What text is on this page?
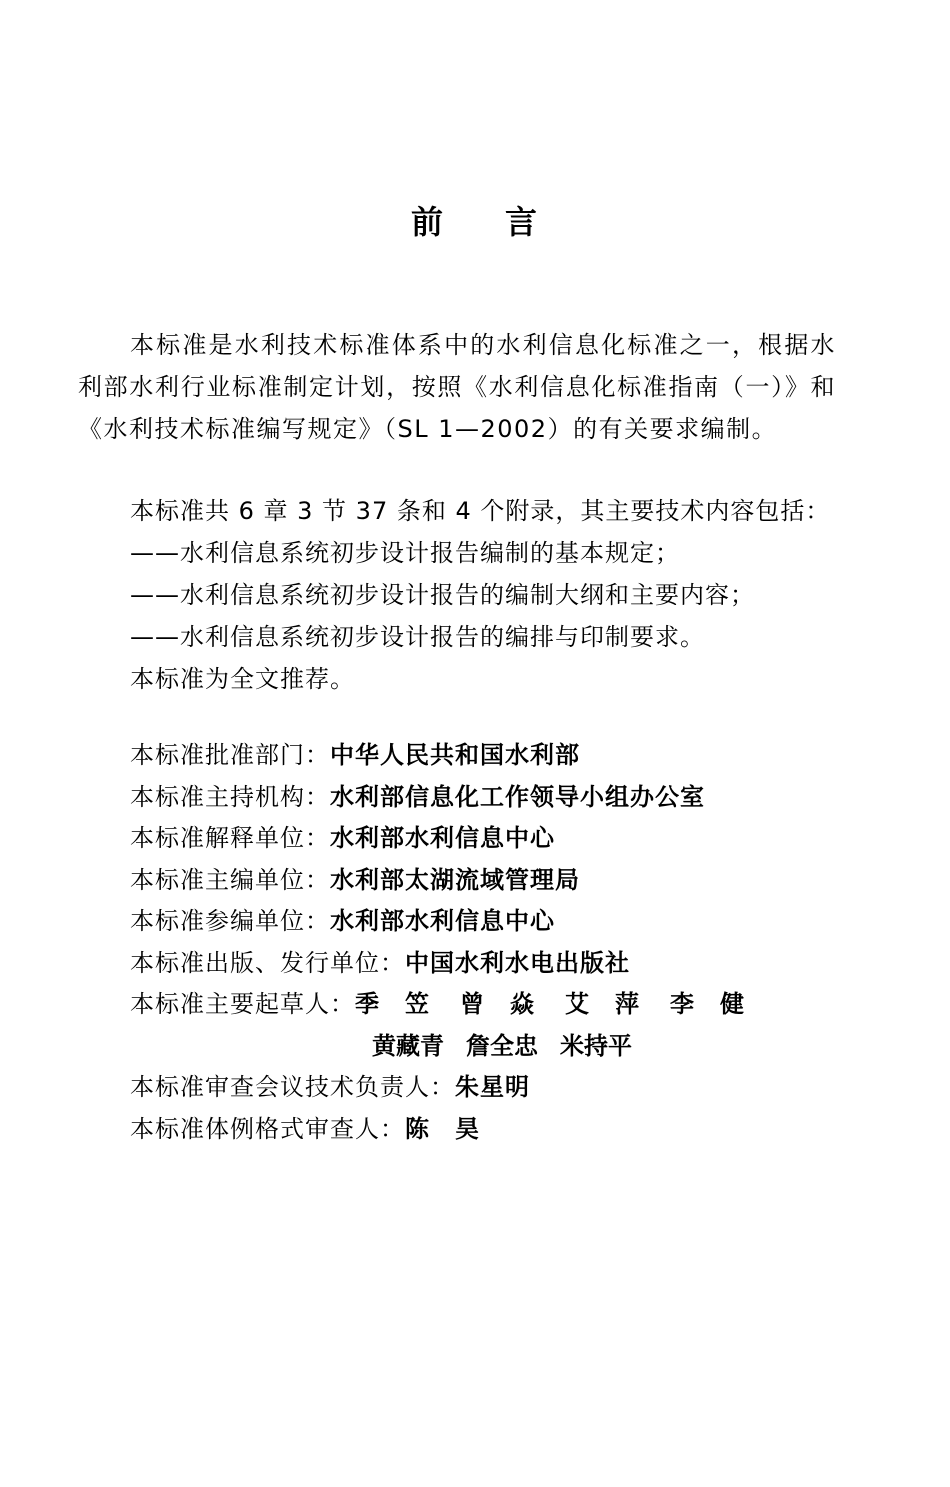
前 言
本标准是水利技术标准体系中的水利信息化标准之一，根据水利部水利行业标准制定计划，按照《水利信息化标准指南（一）》和《水利技术标准编写规定》（SL 1—2002）的有关要求编制。
本标准共 6 章 3 节 37 条和 4 个附录，其主要技术内容包括：
——水利信息系统初步设计报告编制的基本规定；
——水利信息系统初步设计报告的编制大纲和主要内容；
——水利信息系统初步设计报告的编排与印制要求。
本标准为全文推荐。
本标准批准部门：中华人民共和国水利部
本标准主持机构：水利部信息化工作领导小组办公室
本标准解释单位：水利部水利信息中心
本标准主编单位：水利部太湖流域管理局
本标准参编单位：水利部水利信息中心
本标准出版、发行单位：中国水利水电出版社
本标准主要起草人：季　笠 曾　焱 艾　萍 李　健
黄藏青 詹全忠 米持平
本标准审查会议技术负责人：朱星明
本标准体例格式审查人：陈　昊
